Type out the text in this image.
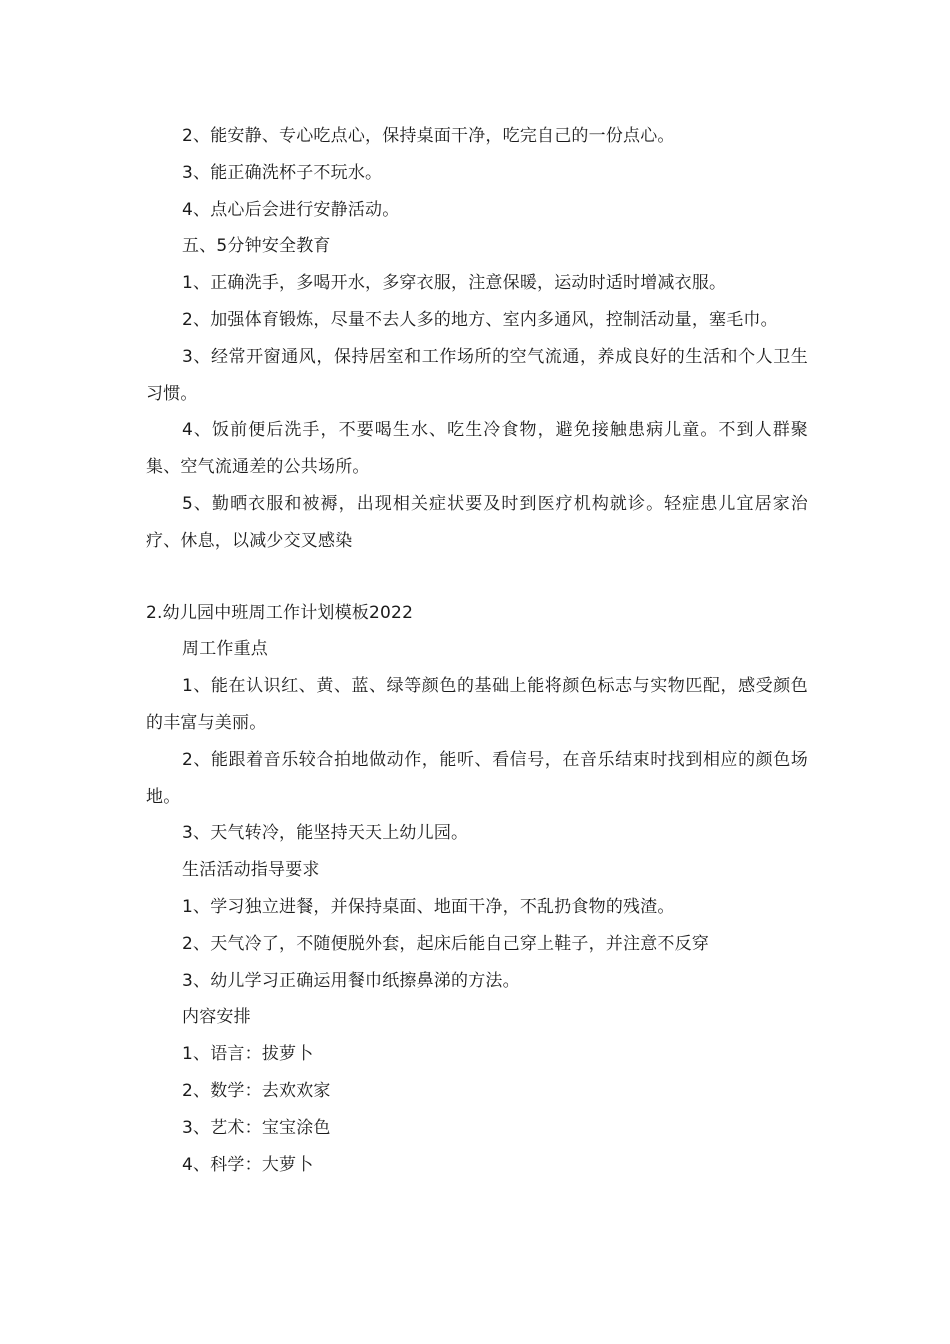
2、能安静、专心吃点心，保持桌面干净，吃完自己的一份点心。

3、能正确洗杯子不玩水。

4、点心后会进行安静活动。

五、5分钟安全教育

1、正确洗手，多喝开水，多穿衣服，注意保暖，运动时适时增减衣服。

2、加强体育锻炼，尽量不去人多的地方、室内多通风，控制活动量，塞毛巾。

3、经常开窗通风，保持居室和工作场所的空气流通，养成良好的生活和个人卫生习惯。

4、饭前便后洗手，不要喝生水、吃生冷食物，避免接触患病儿童。不到人群聚集、空气流通差的公共场所。

5、勤晒衣服和被褥，出现相关症状要及时到医疗机构就诊。轻症患儿宜居家治疗、休息，以减少交叉感染

2.幼儿园中班周工作计划模板2022

周工作重点

1、能在认识红、黄、蓝、绿等颜色的基础上能将颜色标志与实物匹配，感受颜色的丰富与美丽。

2、能跟着音乐较合拍地做动作，能听、看信号，在音乐结束时找到相应的颜色场地。

3、天气转冷，能坚持天天上幼儿园。

生活活动指导要求

1、学习独立进餐，并保持桌面、地面干净，不乱扔食物的残渣。

2、天气冷了，不随便脱外套，起床后能自己穿上鞋子，并注意不反穿

3、幼儿学习正确运用餐巾纸擦鼻涕的方法。

内容安排

1、语言：拔萝卜

2、数学：去欢欢家

3、艺术：宝宝涂色

4、科学：大萝卜
